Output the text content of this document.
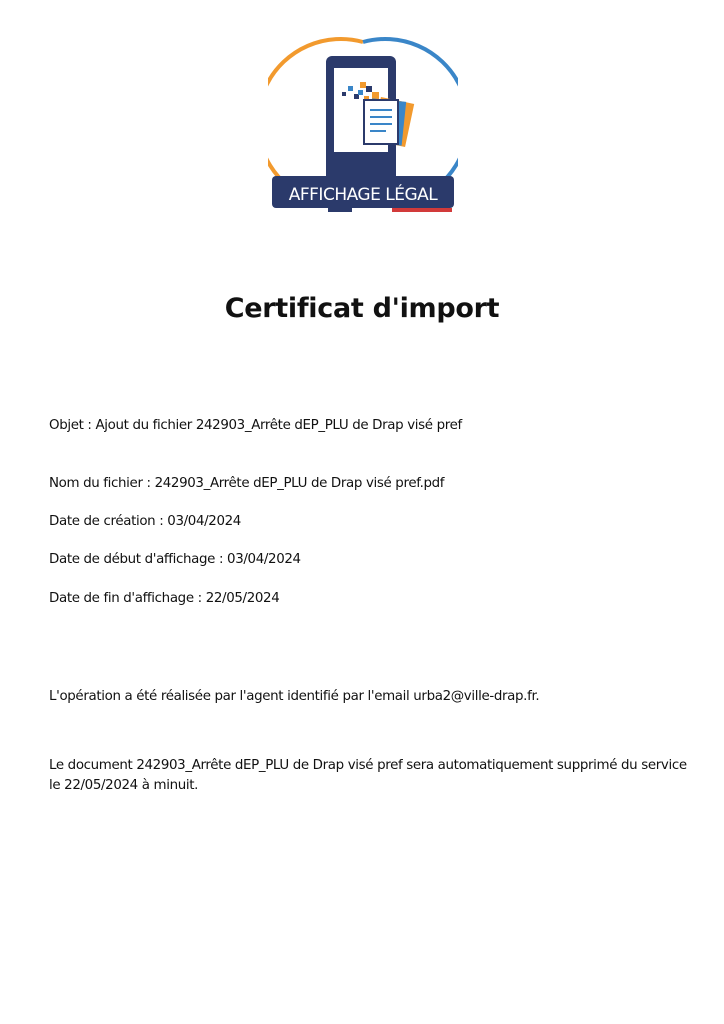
AFFICHAGE LÉGAL
Certificat d'import

Objet : Ajout du fichier 242903_Arrête dEP_PLU de Drap visé pref

Nom du fichier : 242903_Arrête dEP_PLU de Drap visé pref.pdf

Date de création : 03/04/2024

Date de début d'affichage : 03/04/2024

Date de fin d'affichage : 22/05/2024

L'opération a été réalisée par l'agent identifié par l'email urba2@ville-drap.fr.

Le document 242903_Arrête dEP_PLU de Drap visé pref sera automatiquement supprimé du service le 22/05/2024 à minuit.
